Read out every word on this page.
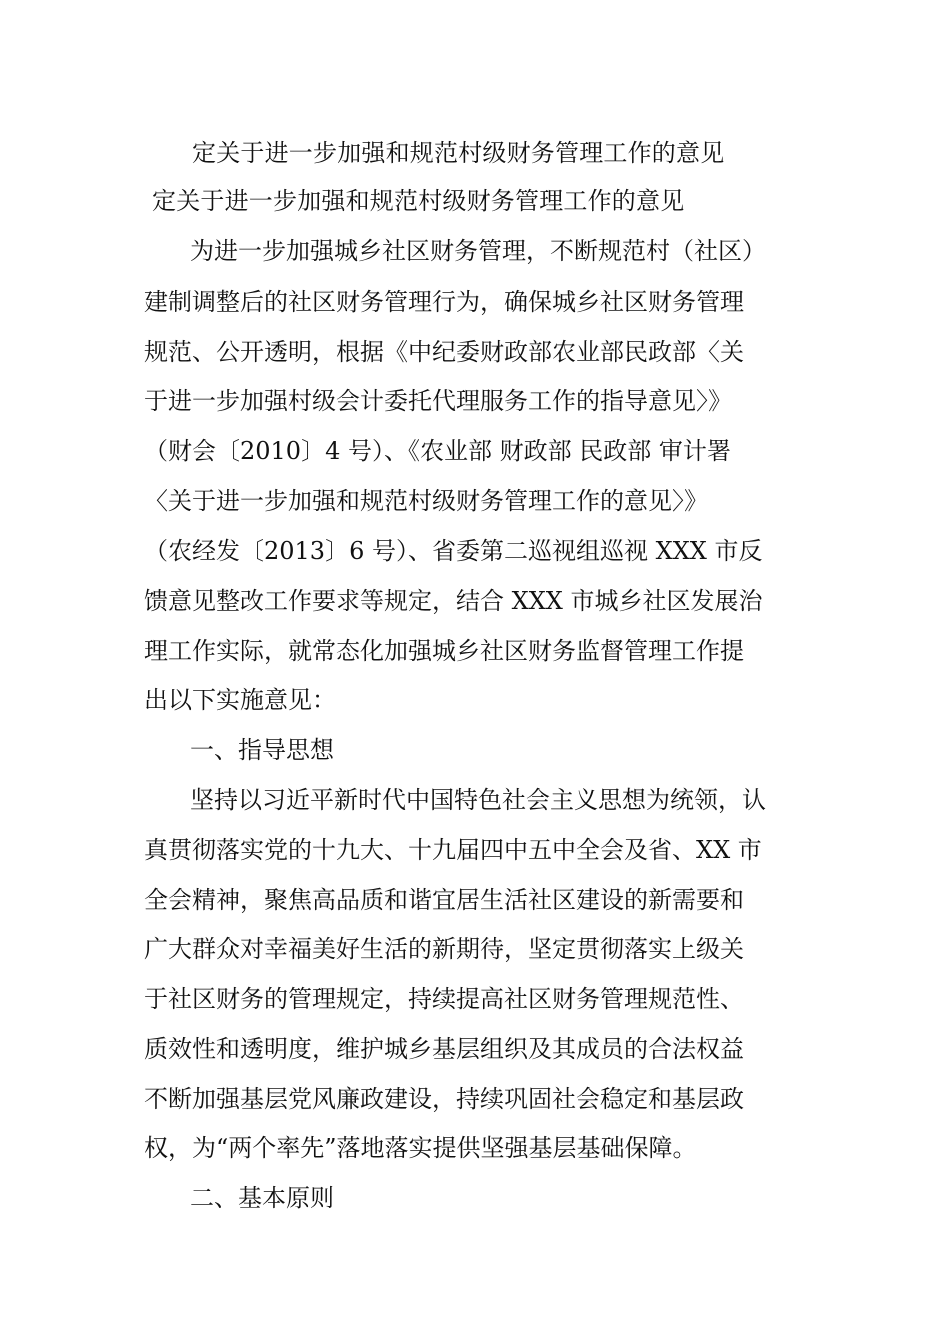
定关于进一步加强和规范村级财务管理工作的意见
定关于进一步加强和规范村级财务管理工作的意见
为进一步加强城乡社区财务管理，不断规范村（社区）
建制调整后的社区财务管理行为，确保城乡社区财务管理
规范、公开透明，根据《中纪委财政部农业部民政部〈关
于进一步加强村级会计委托代理服务工作的指导意见〉》
（财会〔2010〕4 号）、《农业部 财政部 民政部 审计署
〈关于进一步加强和规范村级财务管理工作的意见〉》
（农经发〔2013〕6 号）、省委第二巡视组巡视 XXX 市反
馈意见整改工作要求等规定，结合 XXX 市城乡社区发展治
理工作实际，就常态化加强城乡社区财务监督管理工作提
出以下实施意见：
一、指导思想
坚持以习近平新时代中国特色社会主义思想为统领，认
真贯彻落实党的十九大、十九届四中五中全会及省、XX 市
全会精神，聚焦高品质和谐宜居生活社区建设的新需要和
广大群众对幸福美好生活的新期待，坚定贯彻落实上级关
于社区财务的管理规定，持续提高社区财务管理规范性、
质效性和透明度，维护城乡基层组织及其成员的合法权益
不断加强基层党风廉政建设，持续巩固社会稳定和基层政
权，为“两个率先”落地落实提供坚强基层基础保障。
二、基本原则
